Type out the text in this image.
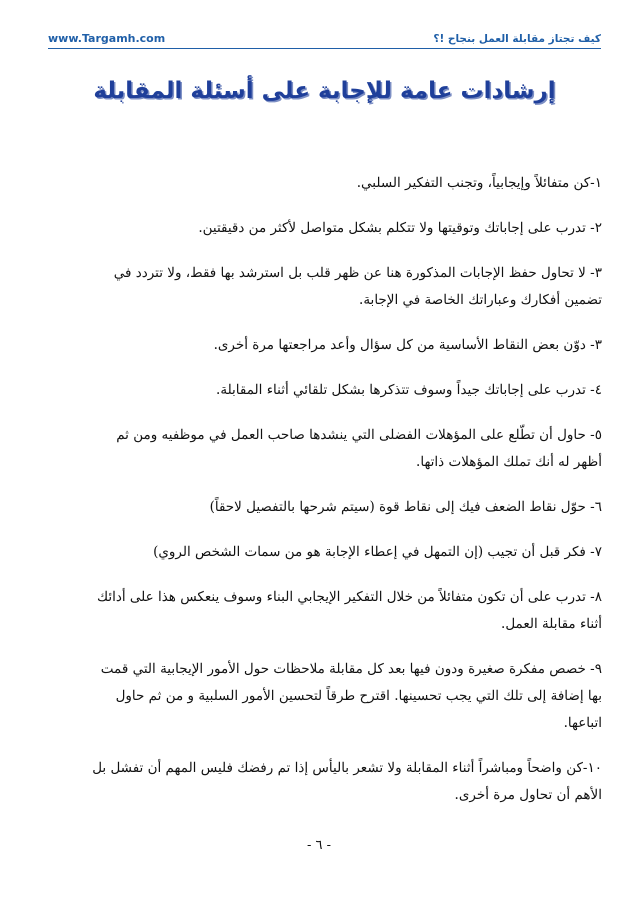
www.Targamh.com	كيف تجتاز مقابلة العمل بنجاح !؟
إرشادات عامة للإجابة على أسئلة المقابلة

١-كن متفائلاً وإيجابياً، وتجنب التفكير السلبي.

٢- تدرب على إجاباتك وتوقيتها ولا تتكلم بشكل متواصل لأكثر من دقيقتين.

٣- لا تحاول حفظ الإجابات المذكورة هنا عن ظهر قلب بل استرشد بها فقط، ولا تتردد في تضمين أفكارك وعباراتك الخاصة في الإجابة.

٣- دوّن بعض النقاط الأساسية من كل سؤال وأعد مراجعتها مرة أخرى.

٤- تدرب على إجاباتك جيداً وسوف تتذكرها بشكل تلقائي أثناء المقابلة.

٥- حاول أن تطّلع على المؤهلات الفضلى التي ينشدها صاحب العمل في موظفيه ومن ثم أظهر له أنك تملك المؤهلات ذاتها.

٦- حوّل نقاط الضعف فيك إلى نقاط قوة (سيتم شرحها بالتفصيل لاحقاً)

٧- فكر قبل أن تجيب (إن التمهل في إعطاء الإجابة هو من سمات الشخص الروي)

٨- تدرب على أن تكون متفائلاً من خلال التفكير الإيجابي البناء وسوف ينعكس هذا على أدائك أثناء مقابلة العمل.

٩- خصص مفكرة صغيرة ودون فيها بعد كل مقابلة ملاحظات حول الأمور الإيجابية التي قمت بها إضافة إلى تلك التي يجب تحسينها. اقترح طرقاً لتحسين الأمور السلبية و من ثم حاول اتباعها.

١٠-كن واضحاً ومباشراً أثناء المقابلة ولا تشعر باليأس إذا تم رفضك فليس المهم أن تفشل بل الأهم أن تحاول مرة أخرى.

- ٦ -
